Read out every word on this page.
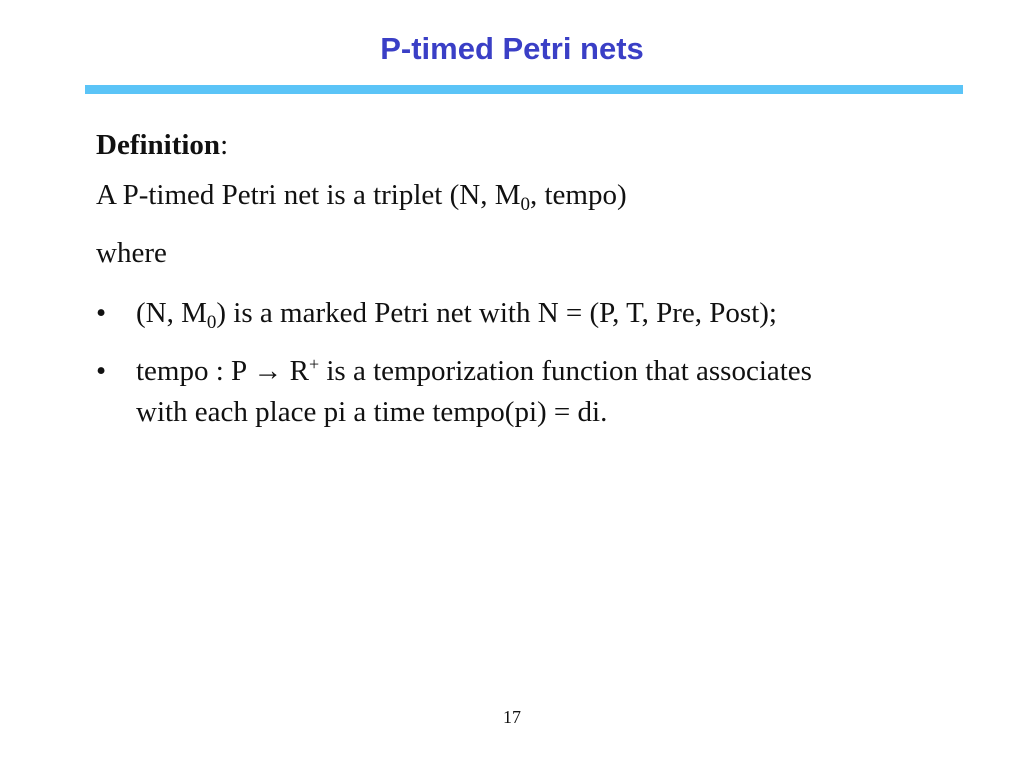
P-timed Petri nets
Definition:
A P-timed Petri net is a triplet (N, $M_0$, tempo)
where
•	(N, $M_0$) is a marked Petri net with N = (P, T, Pre, Post);
•	tempo : P → R+ is a temporization function that associates
with each place pi a time tempo(pi) = di.
17
